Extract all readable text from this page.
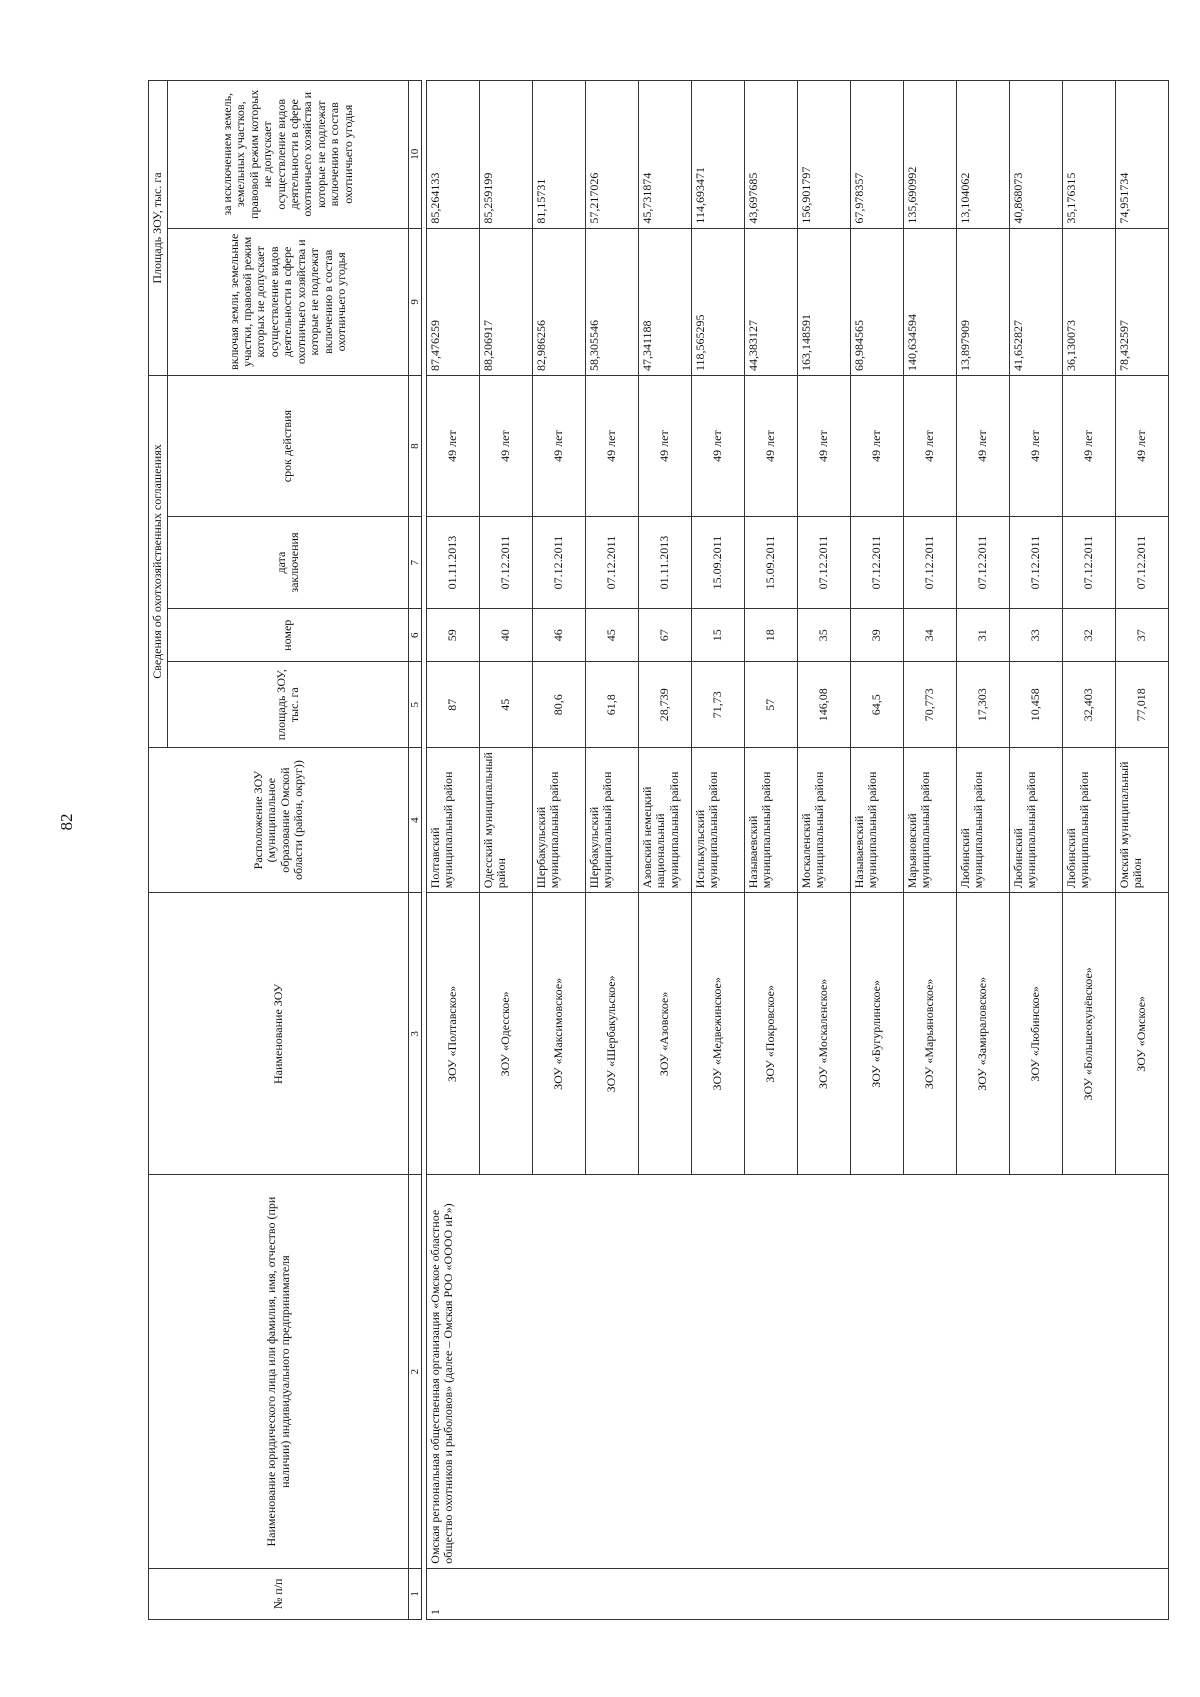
82
№ п/п	Наименование юридического лица или фамилия, имя, отчество (при наличии) индивидуального предпринимателя	Наименование ЗОУ	Расположение ЗОУ (муниципальное образование Омской области (район, округ))	Сведения об охотхозяйственных соглашениях				Площадь ЗОУ, тыс. га	
				площадь ЗОУ, тыс. га	номер	дата заключения	срок действия	включая земли, земельные участки, правовой режим которых не допускает осуществление видов деятельности в сфере охотничьего хозяйства и которые не подлежат включению в состав охотничьего угодья	за исключением земель, земельных участков, правовой режим которых не допускает осуществление видов деятельности в сфере охотничьего хозяйства и которые не подлежат включению в состав охотничьего угодья
1	2	3	4	5	6	7	8	9	10

1	Омская региональная общественная организация «Омское областное общество охотников и рыболовов» (далее – Омская РОО «ОООО иР»)	ЗОУ «Полтавское»	Полтавский муниципальный район	87	59	01.11.2013	49 лет	87,476259	85,264133
		ЗОУ «Одесское»	Одесский муниципальный район	45	40	07.12.2011	49 лет	88,206917	85,259199
		ЗОУ «Максимовское»	Шербакульский муниципальный район	80,6	46	07.12.2011	49 лет	82,986256	81,15731
		ЗОУ «Шербакульское»	Шербакульский муниципальный район	61,8	45	07.12.2011	49 лет	58,305546	57,217026
		ЗОУ «Азовское»	Азовский немецкий национальный муниципальный район	28,739	67	01.11.2013	49 лет	47,341188	45,731874
		ЗОУ «Медвежинское»	Исилькульский муниципальный район	71,73	15	15.09.2011	49 лет	118,565295	114,693471
		ЗОУ «Покровское»	Называевский муниципальный район	57	18	15.09.2011	49 лет	44,383127	43,697685
		ЗОУ «Москаленское»	Москаленский муниципальный район	146,08	35	07.12.2011	49 лет	163,148591	156,901797
		ЗОУ «Бугурлинское»	Называевский муниципальный район	64,5	39	07.12.2011	49 лет	68,984565	67,978357
		ЗОУ «Марьяновское»	Марьяновский муниципальный район	70,773	34	07.12.2011	49 лет	140,634594	135,690992
		ЗОУ «Замираловское»	Любинский муниципальный район	17,303	31	07.12.2011	49 лет	13,897909	13,104062
		ЗОУ «Любинское»	Любинский муниципальный район	10,458	33	07.12.2011	49 лет	41,652827	40,868073
		ЗОУ «Большеокунёвское»	Любинский муниципальный район	32,403	32	07.12.2011	49 лет	36,130073	35,176315
		ЗОУ «Омское»	Омский муниципальный район	77,018	37	07.12.2011	49 лет	78,432597	74,951734
